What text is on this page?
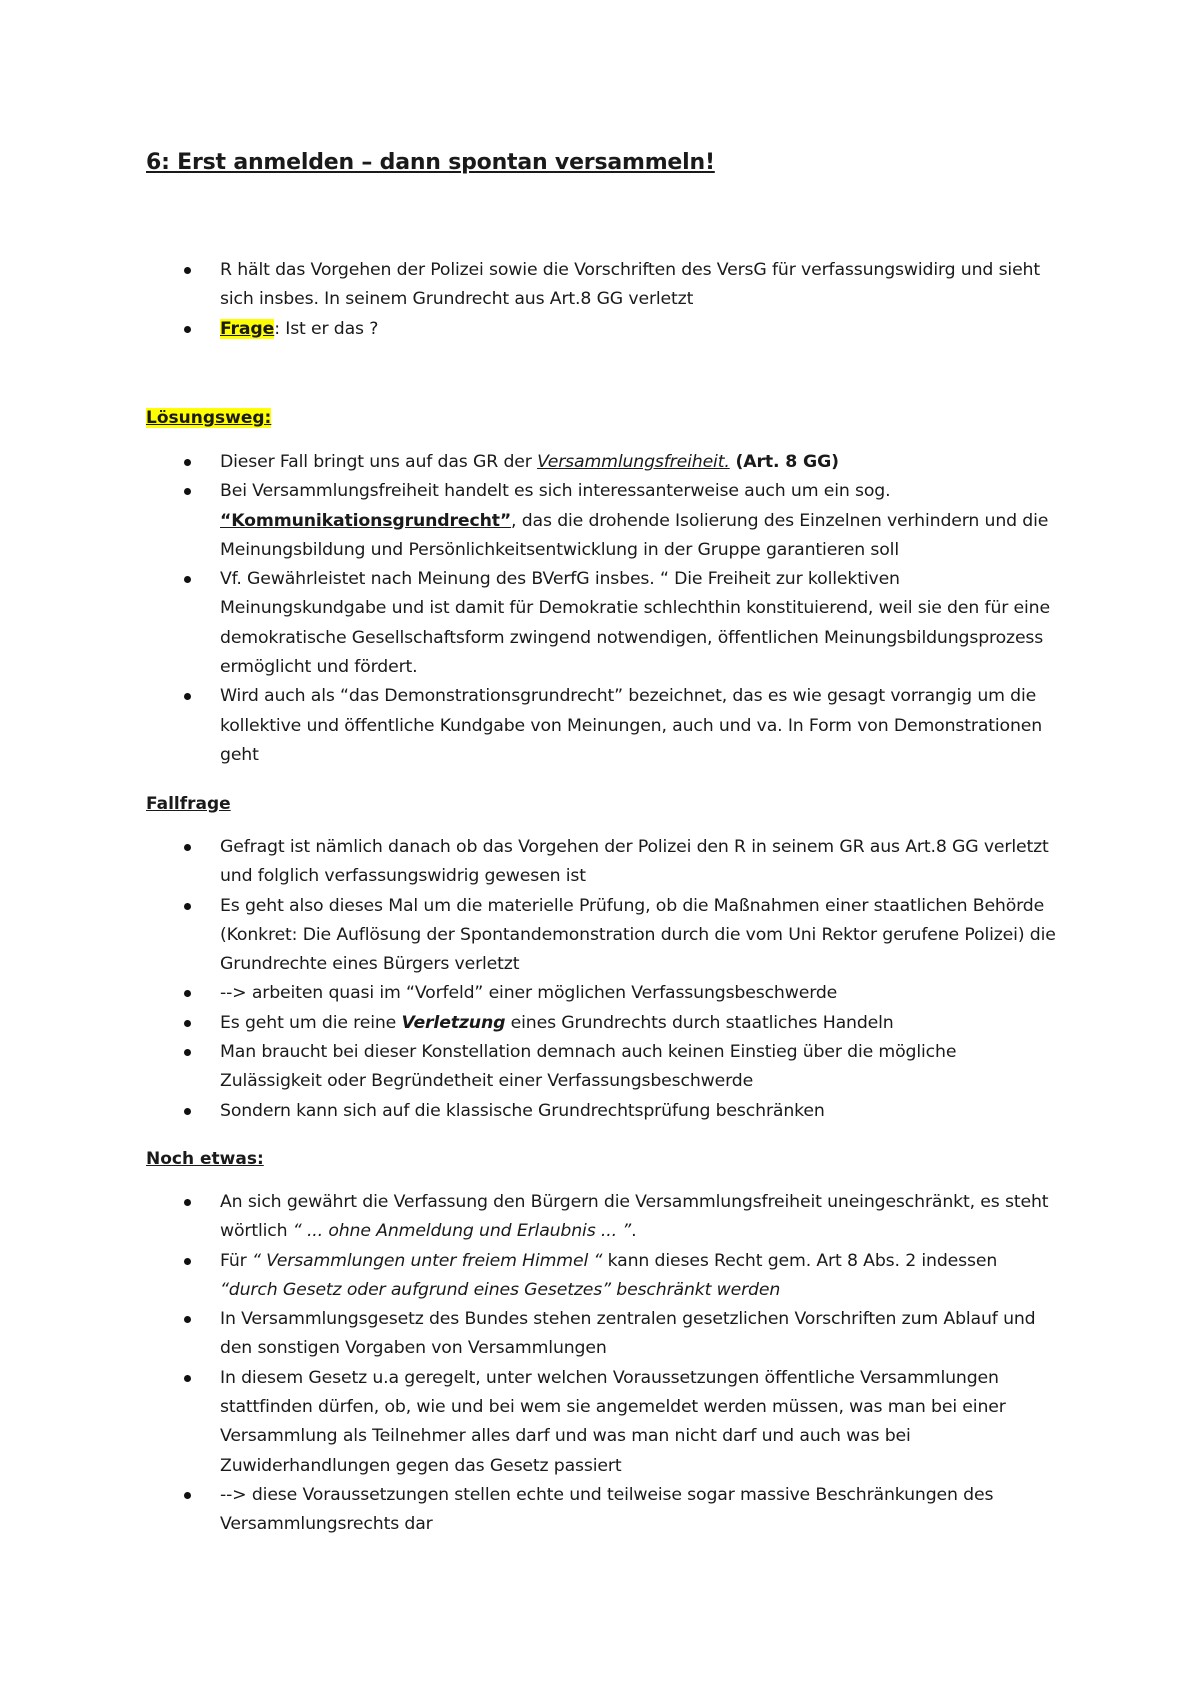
6: Erst anmelden – dann spontan versammeln!
R hält das Vorgehen der Polizei sowie die Vorschriften des VersG für verfassungswidirg und sieht sich insbes. In seinem Grundrecht aus Art.8 GG verletzt
Frage: Ist er das ?
Lösungsweg:
Dieser Fall bringt uns auf das GR der Versammlungsfreiheit. (Art. 8 GG)
Bei Versammlungsfreiheit handelt es sich interessanterweise auch um ein sog. “Kommunikationsgrundrecht”, das die drohende Isolierung des Einzelnen verhindern und die Meinungsbildung und Persönlichkeitsentwicklung in der Gruppe garantieren soll
Vf. Gewährleistet nach Meinung des BVerfG insbes. “ Die Freiheit zur kollektiven Meinungskundgabe und ist damit für Demokratie schlechthin konstituierend, weil sie den für eine demokratische Gesellschaftsform zwingend notwendigen, öffentlichen Meinungsbildungsprozess ermöglicht und fördert.
Wird auch als “das Demonstrationsgrundrecht” bezeichnet, das es wie gesagt vorrangig um die kollektive und öffentliche Kundgabe von Meinungen, auch und va. In Form von Demonstrationen geht
Fallfrage
Gefragt ist nämlich danach ob das Vorgehen der Polizei den R in seinem GR aus Art.8 GG verletzt und folglich verfassungswidrig gewesen ist
Es geht also dieses Mal um die materielle Prüfung, ob die Maßnahmen einer staatlichen Behörde (Konkret: Die Auflösung der Spontandemonstration durch die vom Uni Rektor gerufene Polizei) die Grundrechte eines Bürgers verletzt
--> arbeiten quasi im “Vorfeld” einer möglichen Verfassungsbeschwerde
Es geht um die reine Verletzung eines Grundrechts durch staatliches Handeln
Man braucht bei dieser Konstellation demnach auch keinen Einstieg über die mögliche Zulässigkeit oder Begründetheit einer Verfassungsbeschwerde
Sondern kann sich auf die klassische Grundrechtsprüfung beschränken
Noch etwas:
An sich gewährt die Verfassung den Bürgern die Versammlungsfreiheit uneingeschränkt, es steht wörtlich “ ... ohne Anmeldung und Erlaubnis ... ”.
Für “ Versammlungen unter freiem Himmel “ kann dieses Recht gem. Art 8 Abs. 2 indessen “durch Gesetz oder aufgrund eines Gesetzes” beschränkt werden
In Versammlungsgesetz des Bundes stehen zentralen gesetzlichen Vorschriften zum Ablauf und den sonstigen Vorgaben von Versammlungen
In diesem Gesetz u.a geregelt, unter welchen Voraussetzungen öffentliche Versammlungen stattfinden dürfen, ob, wie und bei wem sie angemeldet werden müssen, was man bei einer Versammlung als Teilnehmer alles darf und was man nicht darf und auch was bei Zuwiderhandlungen gegen das Gesetz passiert
--> diese Voraussetzungen stellen echte und teilweise sogar massive Beschränkungen des Versammlungsrechts dar
